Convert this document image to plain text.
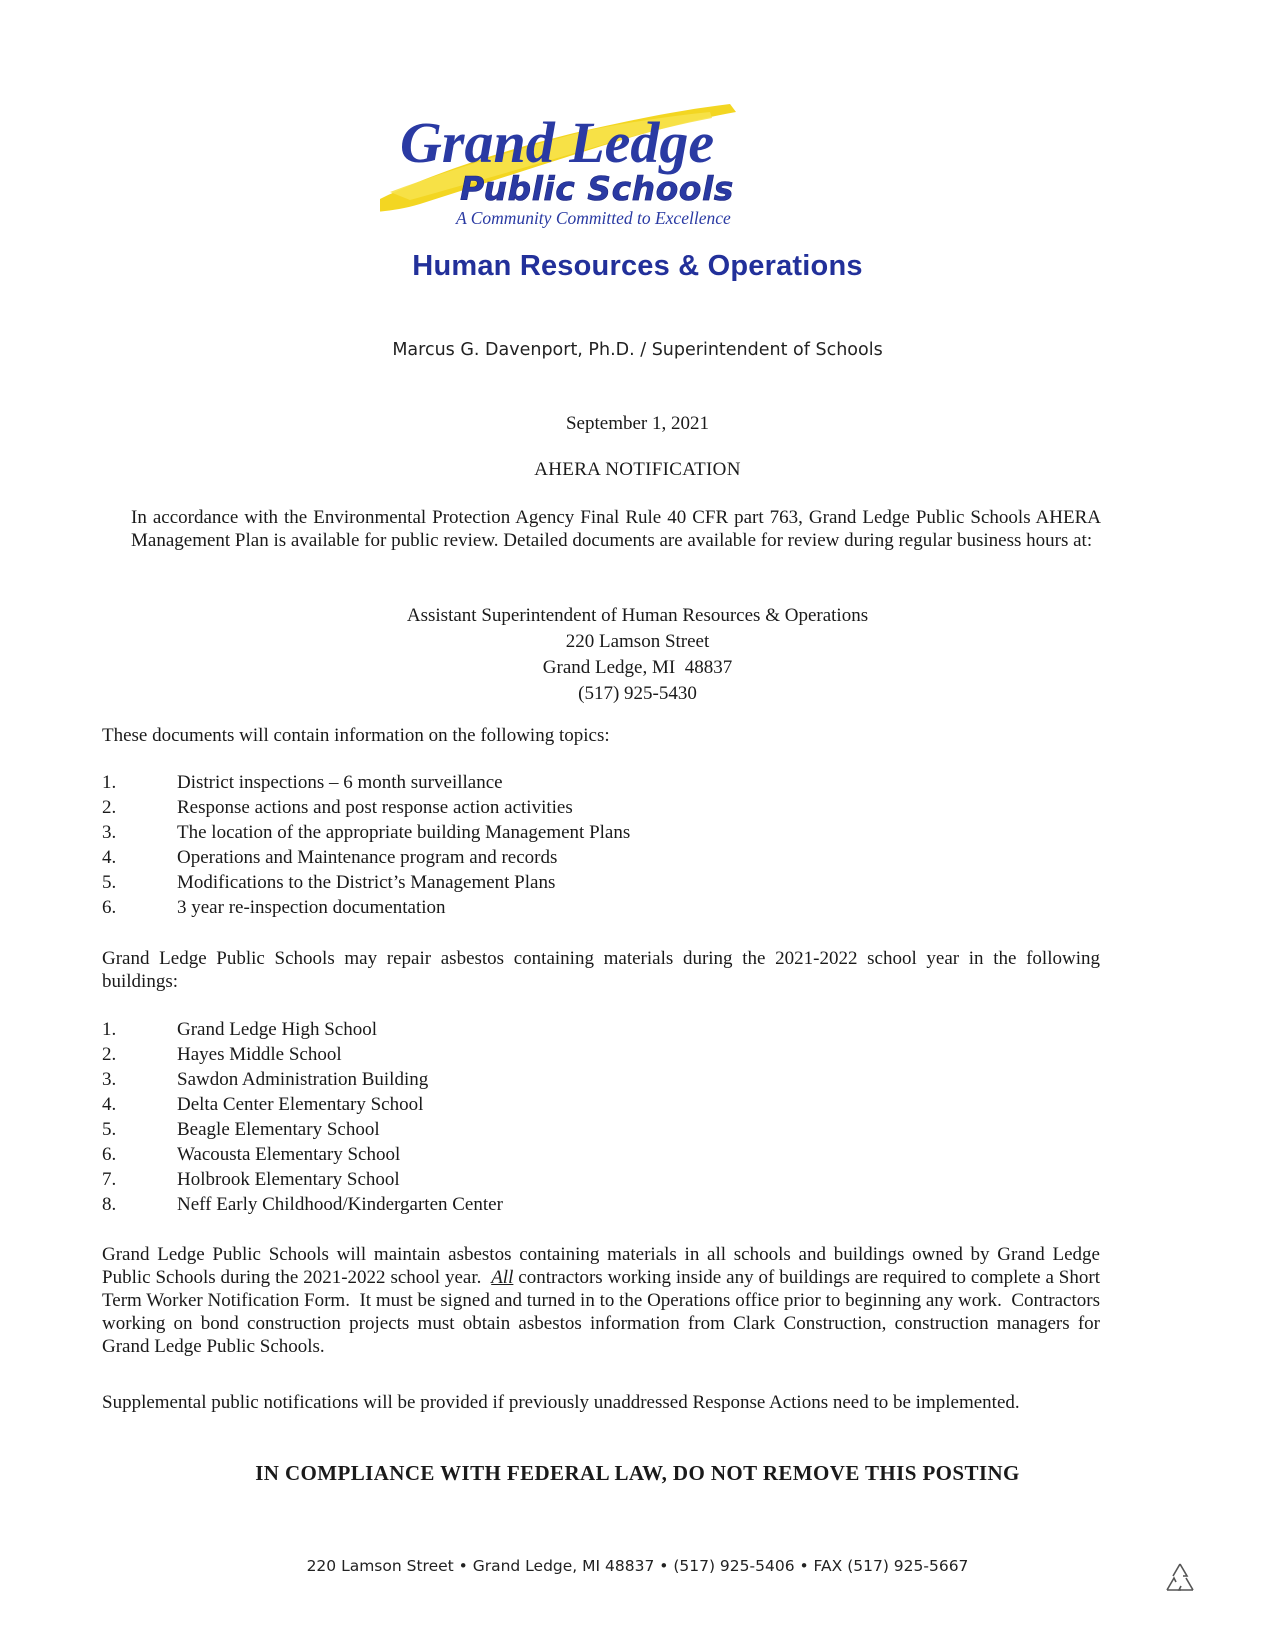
Grand Ledge
Public Schools
A Community Committed to Excellence
Human Resources & Operations
Marcus G. Davenport, Ph.D. / Superintendent of Schools
September 1, 2021
AHERA NOTIFICATION
In accordance with the Environmental Protection Agency Final Rule 40 CFR part 763, Grand Ledge Public Schools AHERA Management Plan is available for public review. Detailed documents are available for review during regular business hours at:
Assistant Superintendent of Human Resources & Operations
220 Lamson Street
Grand Ledge, MI  48837
(517) 925-5430
These documents will contain information on the following topics:
1.	District inspections – 6 month surveillance
2.	Response actions and post response action activities
3.	The location of the appropriate building Management Plans
4.	Operations and Maintenance program and records
5.	Modifications to the District’s Management Plans
6.	3 year re-inspection documentation
Grand Ledge Public Schools may repair asbestos containing materials during the 2021-2022 school year in the following buildings:
1.	Grand Ledge High School
2.	Hayes Middle School
3.	Sawdon Administration Building
4.	Delta Center Elementary School
5.	Beagle Elementary School
6.	Wacousta Elementary School
7.	Holbrook Elementary School
8.	Neff Early Childhood/Kindergarten Center
Grand Ledge Public Schools will maintain asbestos containing materials in all schools and buildings owned by Grand Ledge Public Schools during the 2021-2022 school year.  All contractors working inside any of buildings are required to complete a Short Term Worker Notification Form.  It must be signed and turned in to the Operations office prior to beginning any work.  Contractors working on bond construction projects must obtain asbestos information from Clark Construction, construction managers for Grand Ledge Public Schools.
Supplemental public notifications will be provided if previously unaddressed Response Actions need to be implemented.
IN COMPLIANCE WITH FEDERAL LAW, DO NOT REMOVE THIS POSTING
220 Lamson Street • Grand Ledge, MI 48837 • (517) 925-5406 • FAX (517) 925-5667
